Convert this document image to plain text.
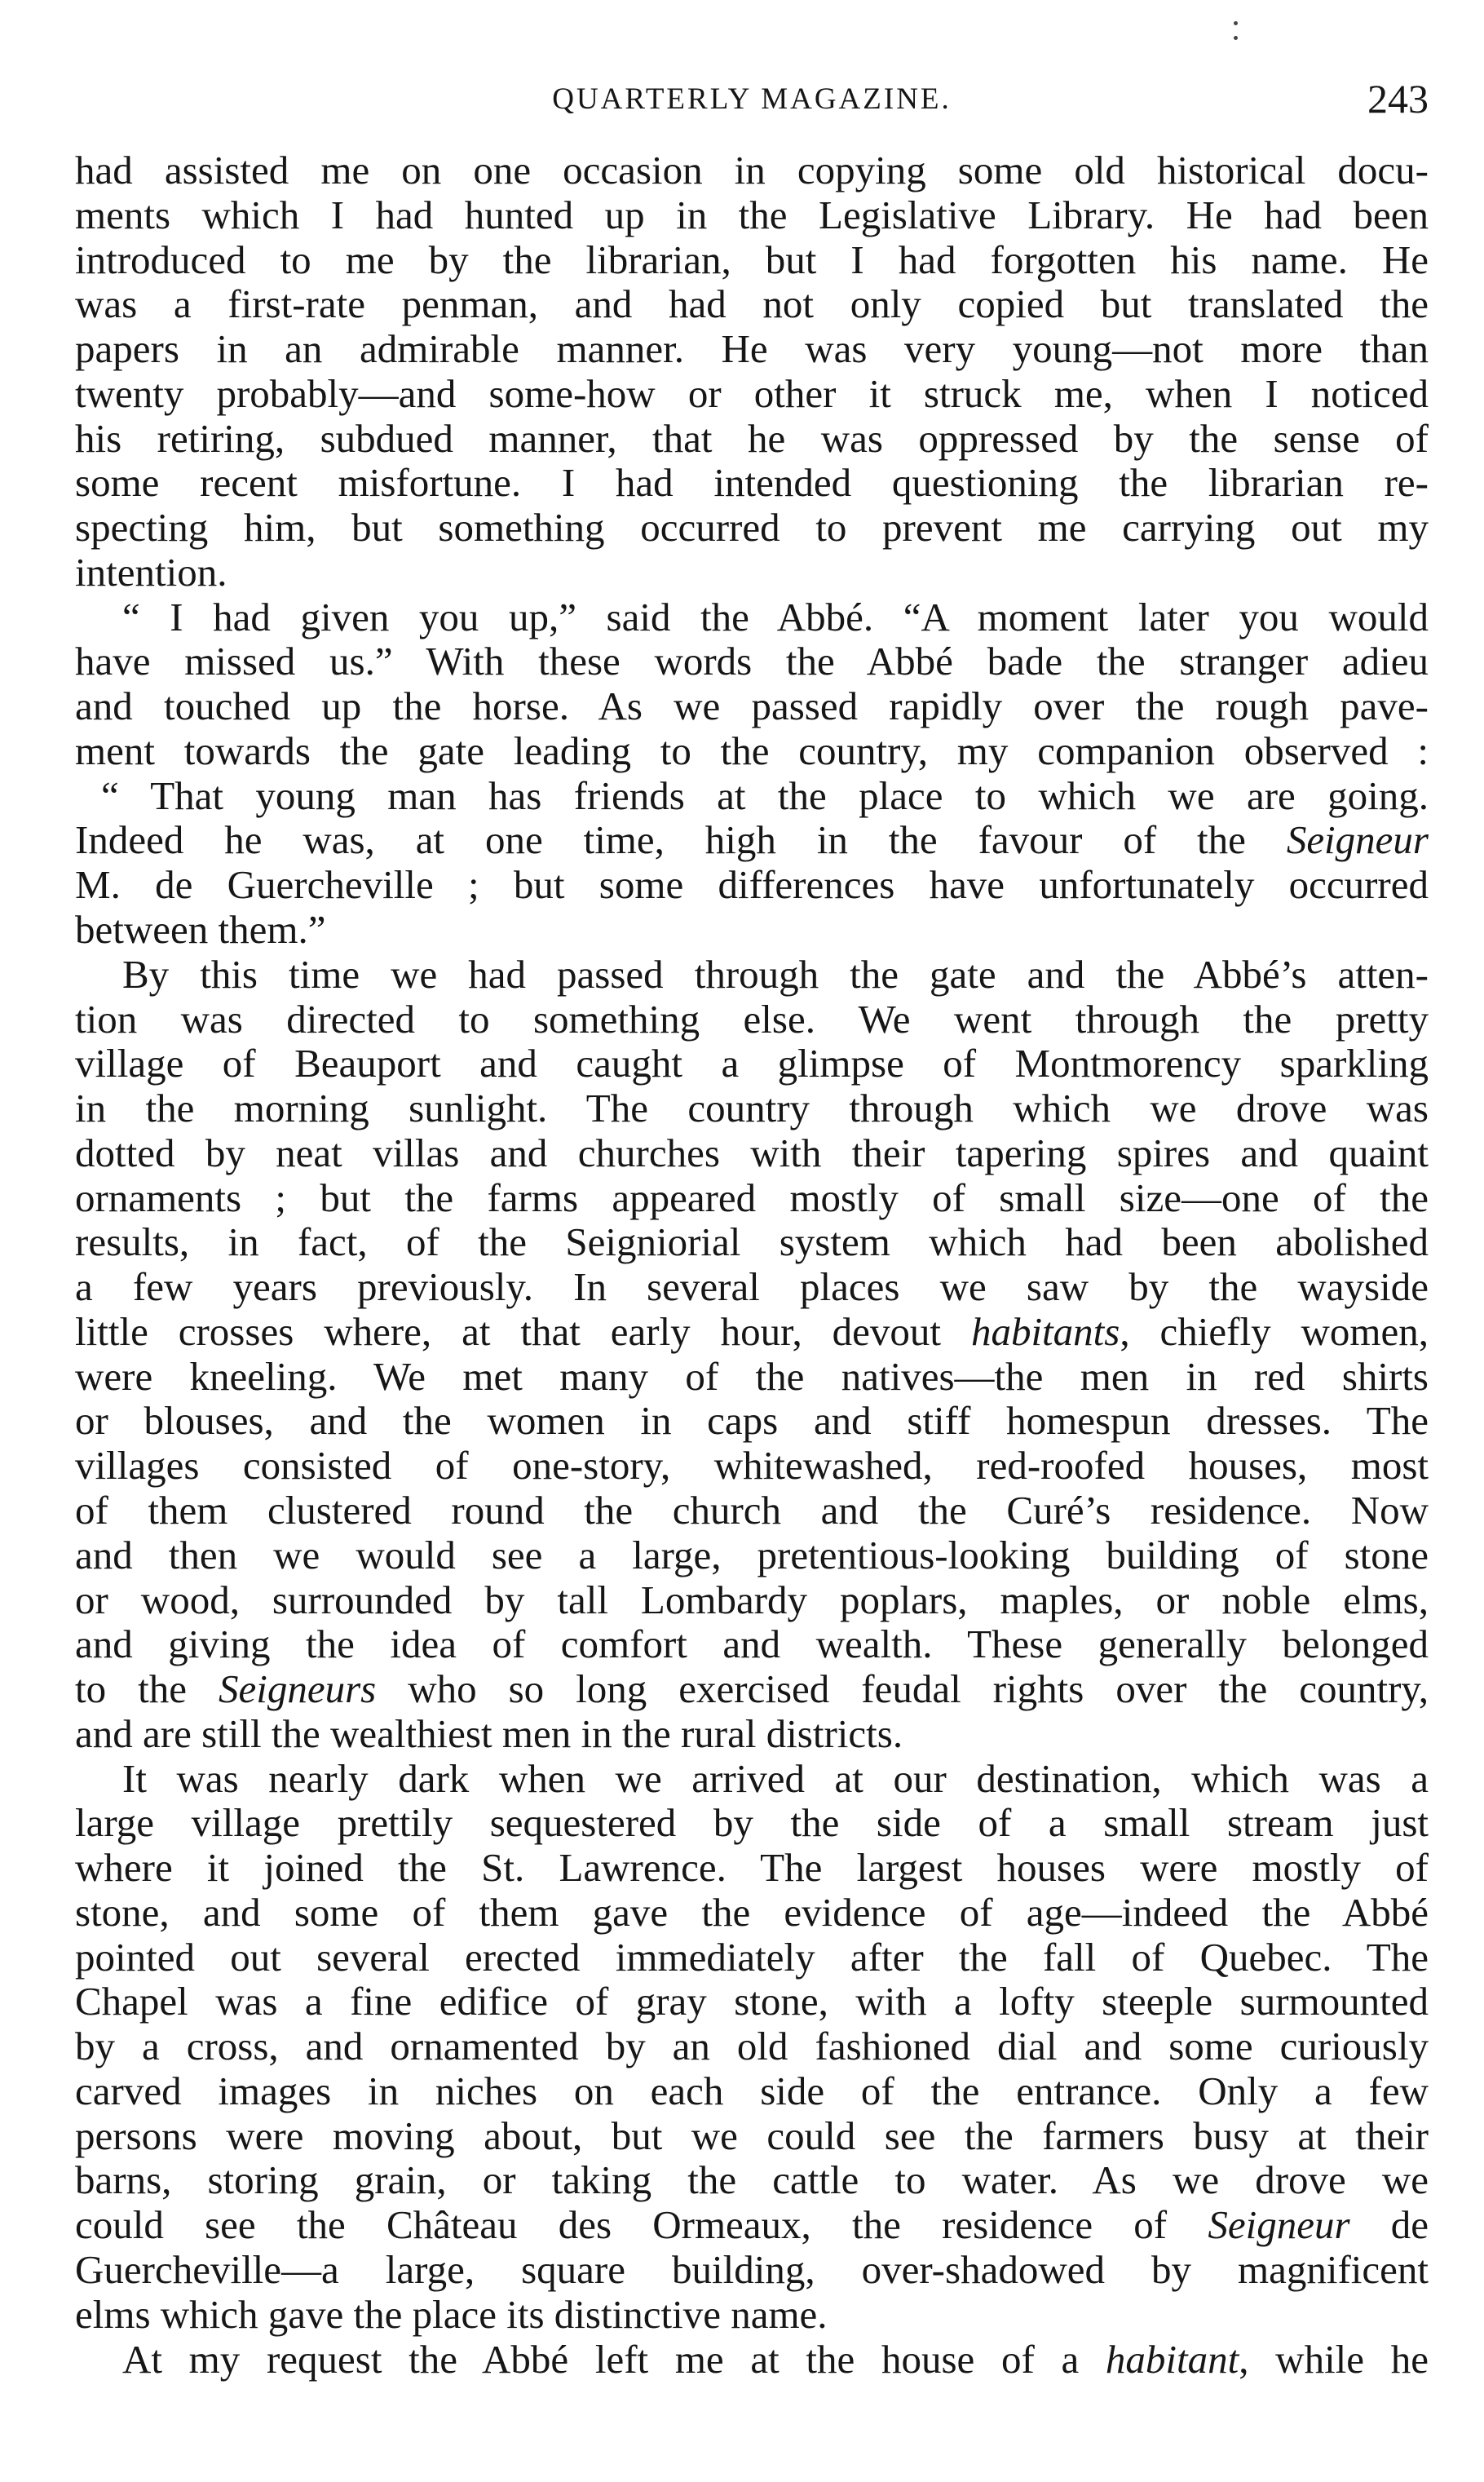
QUARTERLY MAGAZINE.	243
had assisted me on one occasion in copying some old historical docu-
ments which I had hunted up in the Legislative Library. He had been
introduced to me by the librarian, but I had forgotten his name. He
was a first-rate penman, and had not only copied but translated the
papers in an admirable manner. He was very young—not more than
twenty probably—and some-how or other it struck me, when I noticed
his retiring, subdued manner, that he was oppressed by the sense of
some recent misfortune. I had intended questioning the librarian re-
specting him, but something occurred to prevent me carrying out my
intention.
“ I had given you up,” said the Abbé. “A moment later you would
have missed us.” With these words the Abbé bade the stranger adieu
and touched up the horse. As we passed rapidly over the rough pave-
ment towards the gate leading to the country, my companion observed :
“ That young man has friends at the place to which we are going.
Indeed he was, at one time, high in the favour of the Seigneur
M. de Guercheville ; but some differences have unfortunately occurred
between them.”
By this time we had passed through the gate and the Abbé’s atten-
tion was directed to something else. We went through the pretty
village of Beauport and caught a glimpse of Montmorency sparkling
in the morning sunlight. The country through which we drove was
dotted by neat villas and churches with their tapering spires and quaint
ornaments ; but the farms appeared mostly of small size—one of the
results, in fact, of the Seigniorial system which had been abolished
a few years previously. In several places we saw by the wayside
little crosses where, at that early hour, devout habitants, chiefly women,
were kneeling. We met many of the natives—the men in red shirts
or blouses, and the women in caps and stiff homespun dresses. The
villages consisted of one-story, whitewashed, red-roofed houses, most
of them clustered round the church and the Curé’s residence. Now
and then we would see a large, pretentious-looking building of stone
or wood, surrounded by tall Lombardy poplars, maples, or noble elms,
and giving the idea of comfort and wealth. These generally belonged
to the Seigneurs who so long exercised feudal rights over the country,
and are still the wealthiest men in the rural districts.
It was nearly dark when we arrived at our destination, which was a
large village prettily sequestered by the side of a small stream just
where it joined the St. Lawrence. The largest houses were mostly of
stone, and some of them gave the evidence of age—indeed the Abbé
pointed out several erected immediately after the fall of Quebec. The
Chapel was a fine edifice of gray stone, with a lofty steeple surmounted
by a cross, and ornamented by an old fashioned dial and some curiously
carved images in niches on each side of the entrance. Only a few
persons were moving about, but we could see the farmers busy at their
barns, storing grain, or taking the cattle to water. As we drove we
could see the Château des Ormeaux, the residence of Seigneur de
Guercheville—a large, square building, over-shadowed by magnificent
elms which gave the place its distinctive name.
At my request the Abbé left me at the house of a habitant, while he
